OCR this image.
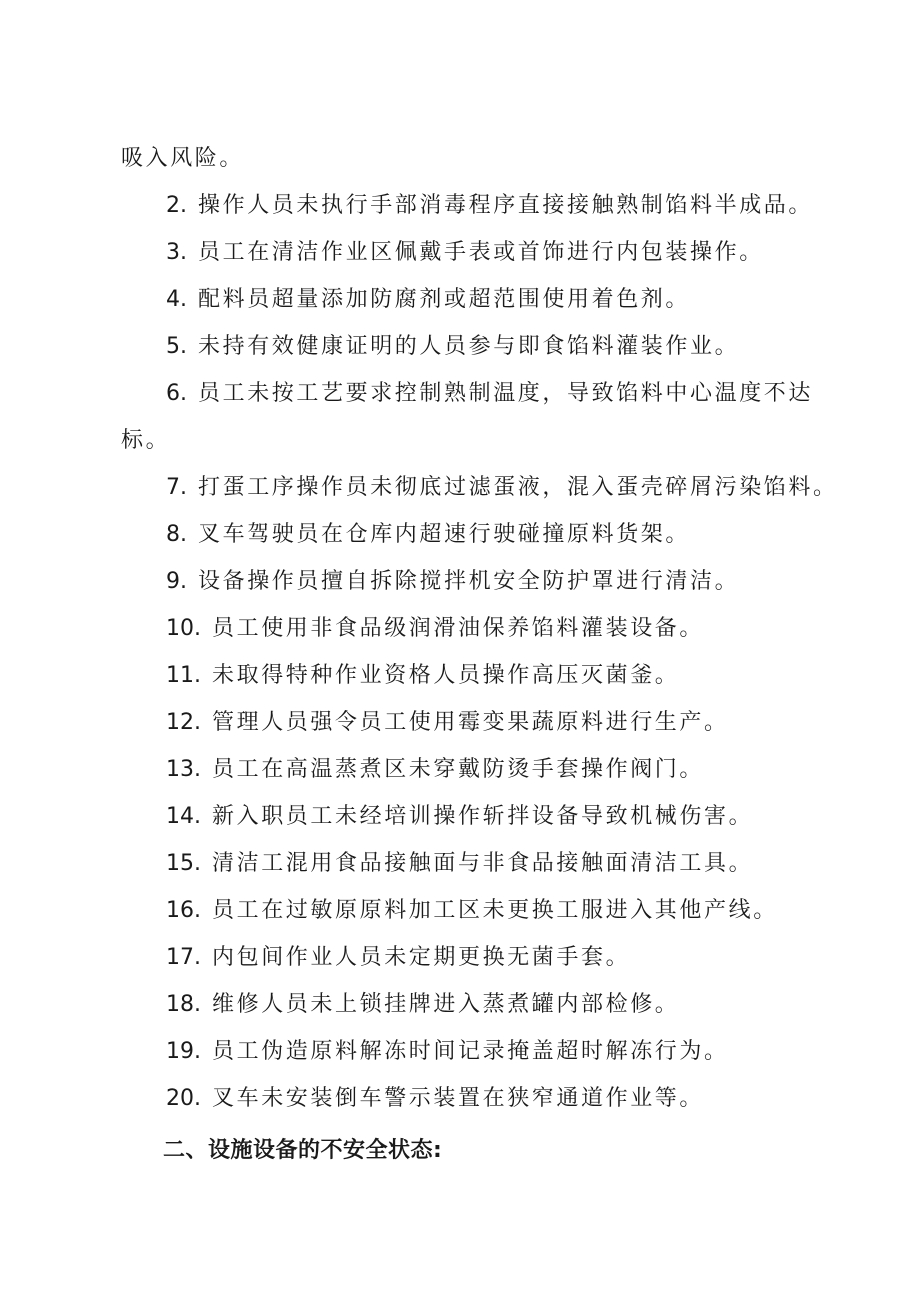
吸入风险。
2. 操作人员未执行手部消毒程序直接接触熟制馅料半成品。
3. 员工在清洁作业区佩戴手表或首饰进行内包装操作。
4. 配料员超量添加防腐剂或超范围使用着色剂。
5. 未持有效健康证明的人员参与即食馅料灌装作业。
6. 员工未按工艺要求控制熟制温度，导致馅料中心温度不达
标。
7. 打蛋工序操作员未彻底过滤蛋液，混入蛋壳碎屑污染馅料。
8. 叉车驾驶员在仓库内超速行驶碰撞原料货架。
9. 设备操作员擅自拆除搅拌机安全防护罩进行清洁。
10. 员工使用非食品级润滑油保养馅料灌装设备。
11. 未取得特种作业资格人员操作高压灭菌釜。
12. 管理人员强令员工使用霉变果蔬原料进行生产。
13. 员工在高温蒸煮区未穿戴防烫手套操作阀门。
14. 新入职员工未经培训操作斩拌设备导致机械伤害。
15. 清洁工混用食品接触面与非食品接触面清洁工具。
16. 员工在过敏原原料加工区未更换工服进入其他产线。
17. 内包间作业人员未定期更换无菌手套。
18. 维修人员未上锁挂牌进入蒸煮罐内部检修。
19. 员工伪造原料解冻时间记录掩盖超时解冻行为。
20. 叉车未安装倒车警示装置在狭窄通道作业等。
二、设施设备的不安全状态:
